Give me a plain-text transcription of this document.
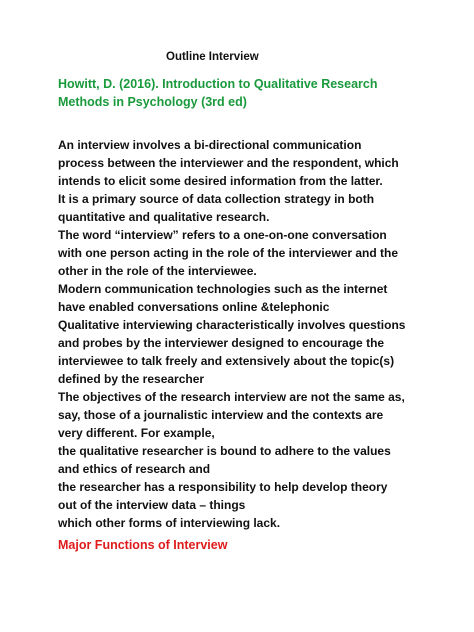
Outline Interview
Howitt, D. (2016). Introduction to Qualitative Research Methods in Psychology (3rd ed)

An interview involves a bi-directional communication process between the interviewer and the respondent, which intends to elicit some desired information from the latter.

It is a primary source of data collection strategy in both quantitative and qualitative research.

The word “interview” refers to a one-on-one conversation with one person acting in the role of the interviewer and the other in the role of the interviewee.

Modern communication technologies such as the internet have enabled conversations online &telephonic

Qualitative interviewing characteristically involves questions and probes by the interviewer designed to encourage the interviewee to talk freely and extensively about the topic(s) defined by the researcher

The objectives of the research interview are not the same as, say, those of a journalistic interview and the contexts are very different. For example,

the qualitative researcher is bound to adhere to the values and ethics of research and

the researcher has a responsibility to help develop theory out of the interview data – things

which other forms of interviewing lack.

Major Functions of Interview
